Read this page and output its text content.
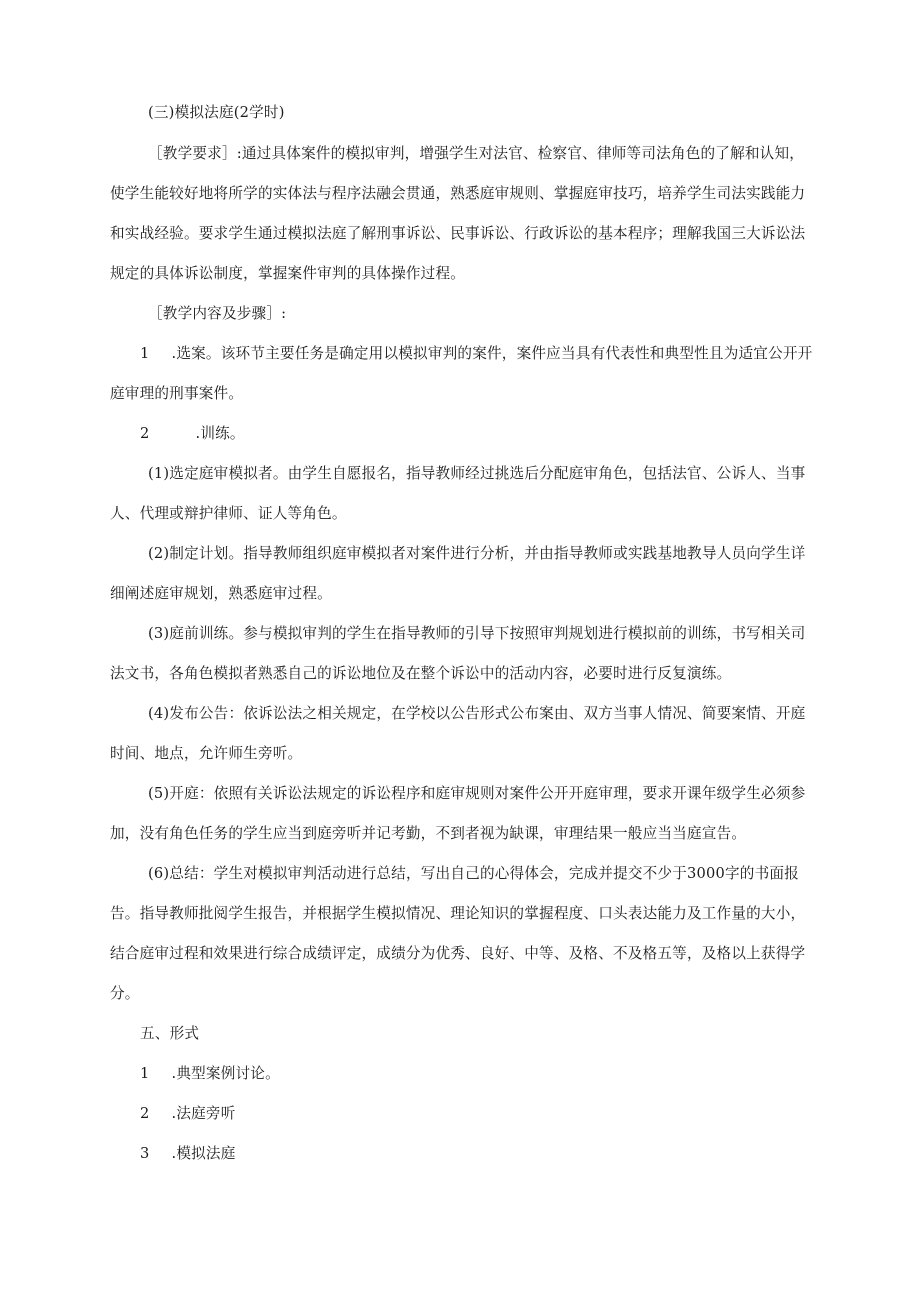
(三)模拟法庭(2学时)
［教学要求］:通过具体案件的模拟审判，增强学生对法官、检察官、律师等司法角色的了解和认知，
使学生能较好地将所学的实体法与程序法融会贯通，熟悉庭审规则、掌握庭审技巧，培养学生司法实践能力
和实战经验。要求学生通过模拟法庭了解刑事诉讼、民事诉讼、行政诉讼的基本程序；理解我国三大诉讼法
规定的具体诉讼制度，掌握案件审判的具体操作过程。
［教学内容及步骤］:
1 .选案。该环节主要任务是确定用以模拟审判的案件，案件应当具有代表性和典型性且为适宜公开开
庭审理的刑事案件。
2	.训练。
(1)选定庭审模拟者。由学生自愿报名，指导教师经过挑选后分配庭审角色，包括法官、公诉人、当事
人、代理或辩护律师、证人等角色。
(2)制定计划。指导教师组织庭审模拟者对案件进行分析，并由指导教师或实践基地教导人员向学生详
细阐述庭审规划，熟悉庭审过程。
(3)庭前训练。参与模拟审判的学生在指导教师的引导下按照审判规划进行模拟前的训练，书写相关司
法文书，各角色模拟者熟悉自己的诉讼地位及在整个诉讼中的活动内容，必要时进行反复演练。
(4)发布公告：依诉讼法之相关规定，在学校以公告形式公布案由、双方当事人情况、简要案情、开庭
时间、地点，允许师生旁听。
(5)开庭：依照有关诉讼法规定的诉讼程序和庭审规则对案件公开开庭审理，要求开课年级学生必须参
加，没有角色任务的学生应当到庭旁听并记考勤，不到者视为缺课，审理结果一般应当当庭宣告。
(6)总结：学生对模拟审判活动进行总结，写出自己的心得体会，完成并提交不少于3000字的书面报
告。指导教师批阅学生报告，并根据学生模拟情况、理论知识的掌握程度、口头表达能力及工作量的大小，
结合庭审过程和效果进行综合成绩评定，成绩分为优秀、良好、中等、及格、不及格五等，及格以上获得学
分。
五、形式
1 .典型案例讨论。
2 .法庭旁听
3 .模拟法庭
